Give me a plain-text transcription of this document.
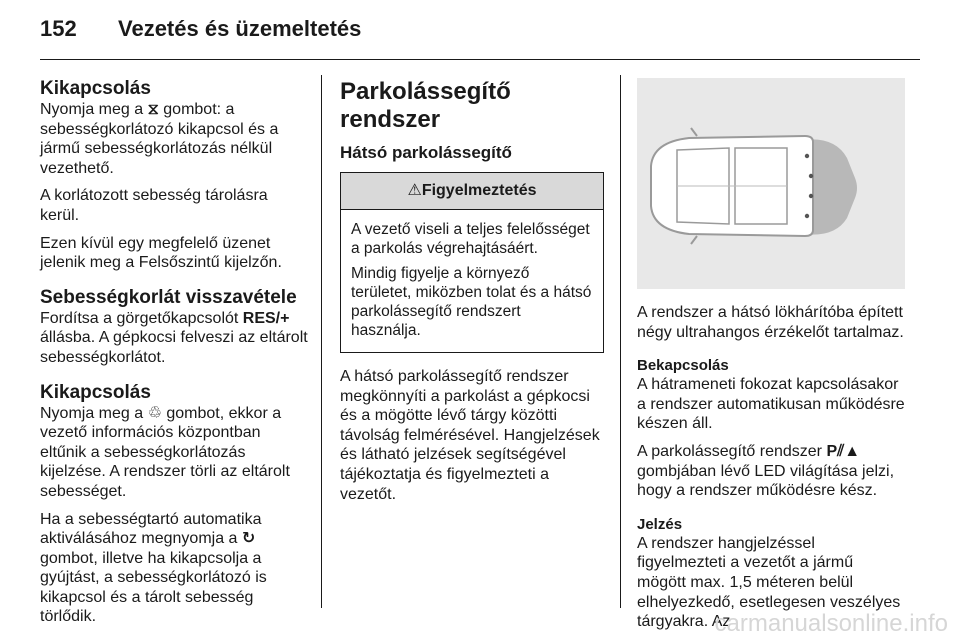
152 Vezetés és üzemeltetés
Kikapcsolás

Nyomja meg a ⧖ gombot: a sebességkorlátozó kikapcsol és a jármű sebességkorlátozás nélkül vezethető.

A korlátozott sebesség tárolásra kerül.

Ezen kívül egy megfelelő üzenet jelenik meg a Felsőszintű kijelzőn.

Sebességkorlát visszavétele

Fordítsa a görgetőkapcsolót RES/+ állásba. A gépkocsi felveszi az eltárolt sebességkorlátot.

Kikapcsolás

Nyomja meg a ♲ gombot, ekkor a vezető információs központban eltűnik a sebességkorlátozás kijelzése. A rendszer törli az eltárolt sebességet.

Ha a sebességtartó automatika aktiválásához megnyomja a ↻ gombot, illetve ha kikapcsolja a gyújtást, a sebességkorlátozó is kikapcsol és a tárolt sebesség törlődik.

Parkolássegítő rendszer
Hátsó parkolássegítő
⚠Figyelmeztetés

A vezető viseli a teljes felelősséget a parkolás végrehajtásáért.

Mindig figyelje a környező területet, miközben tolat és a hátsó parkolássegítő rendszert használja.

A hátsó parkolássegítő rendszer megkönnyíti a parkolást a gépkocsi és a mögötte lévő tárgy közötti távolság felmérésével. Hangjelzések és látható jelzések segítségével tájékoztatja és figyelmezteti a vezetőt.

A rendszer a hátsó lökhárítóba épített négy ultrahangos érzékelőt tartalmaz.

Bekapcsolás

A hátrameneti fokozat kapcsolásakor a rendszer automatikusan működésre készen áll.

A parkolássegítő rendszer P⫽▲ gombjában lévő LED világítása jelzi, hogy a rendszer működésre kész.

Jelzés

A rendszer hangjelzéssel figyelmezteti a vezetőt a jármű mögött max. 1,5 méteren belül elhelyezkedő, esetlegesen veszélyes tárgyakra. Az

carmanualsonline.info
